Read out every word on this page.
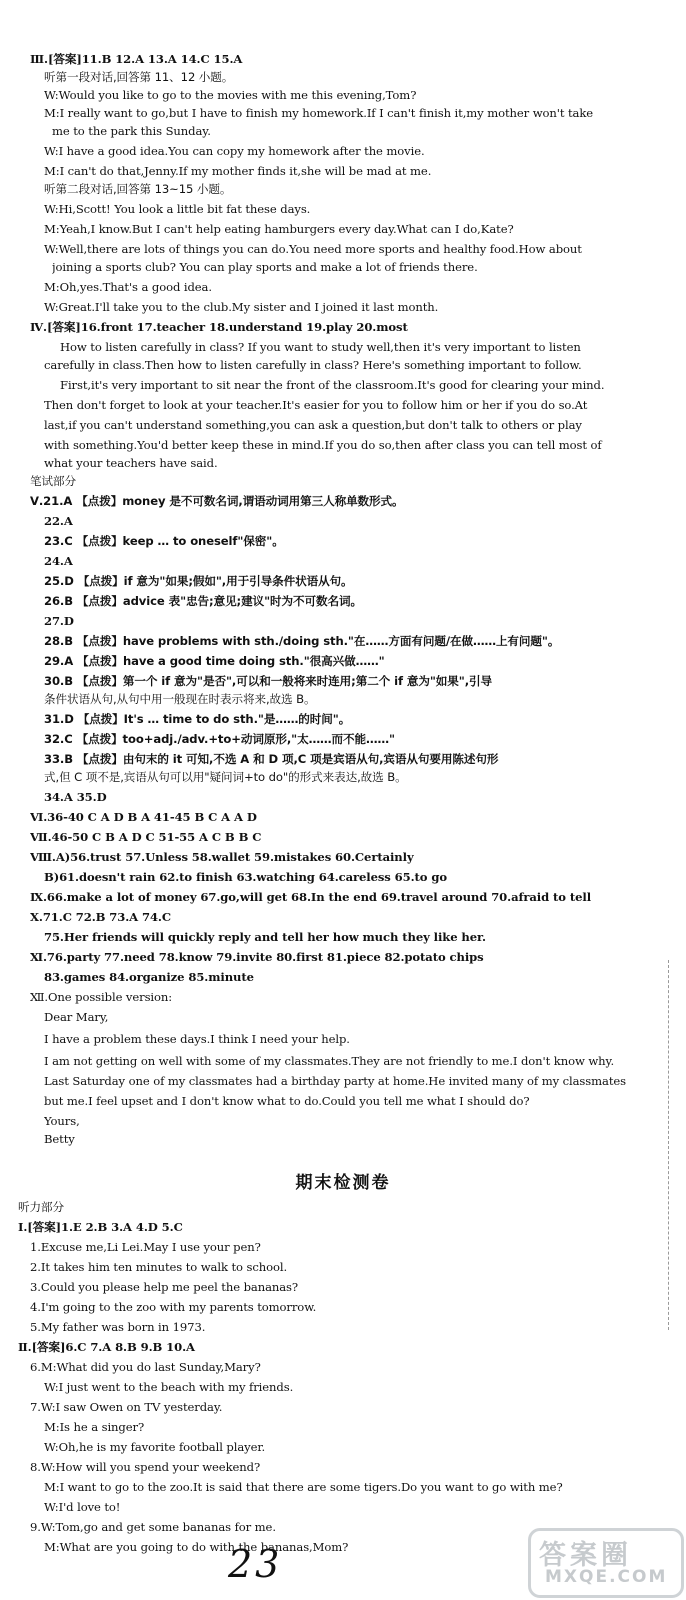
Ⅲ.[答案]11.B 12.A 13.A 14.C 15.A
听第一段对话,回答第 11、12 小题。
W:Would you like to go to the movies with me this evening,Tom?
M:I really want to go,but I have to finish my homework.If I can't finish it,my mother won't take
me to the park this Sunday.
W:I have a good idea.You can copy my homework after the movie.
M:I can't do that,Jenny.If my mother finds it,she will be mad at me.
听第二段对话,回答第 13~15 小题。
W:Hi,Scott! You look a little bit fat these days.
M:Yeah,I know.But I can't help eating hamburgers every day.What can I do,Kate?
W:Well,there are lots of things you can do.You need more sports and healthy food.How about
joining a sports club? You can play sports and make a lot of friends there.
M:Oh,yes.That's a good idea.
W:Great.I'll take you to the club.My sister and I joined it last month.
Ⅳ.[答案]16.front 17.teacher 18.understand 19.play 20.most
How to listen carefully in class? If you want to study well,then it's very important to listen
carefully in class.Then how to listen carefully in class? Here's something important to follow.
First,it's very important to sit near the front of the classroom.It's good for clearing your mind.
Then don't forget to look at your teacher.It's easier for you to follow him or her if you do so.At
last,if you can't understand something,you can ask a question,but don't talk to others or play
with something.You'd better keep these in mind.If you do so,then after class you can tell most of
what your teachers have said.
笔试部分
Ⅴ.21.A 【点拨】money 是不可数名词,谓语动词用第三人称单数形式。
22.A
23.C 【点拨】keep … to oneself"保密"。
24.A
25.D 【点拨】if 意为"如果;假如",用于引导条件状语从句。
26.B 【点拨】advice 表"忠告;意见;建议"时为不可数名词。
27.D
28.B 【点拨】have problems with sth./doing sth."在……方面有问题/在做……上有问题"。
29.A 【点拨】have a good time doing sth."很高兴做……"
30.B 【点拨】第一个 if 意为"是否",可以和一般将来时连用;第二个 if 意为"如果",引导
条件状语从句,从句中用一般现在时表示将来,故选 B。
31.D 【点拨】It's … time to do sth."是……的时间"。
32.C 【点拨】too+adj./adv.+to+动词原形,"太……而不能……"
33.B 【点拨】由句末的 it 可知,不选 A 和 D 项,C 项是宾语从句,宾语从句要用陈述句形
式,但 C 项不是,宾语从句可以用"疑问词+to do"的形式来表达,故选 B。
34.A 35.D
Ⅵ.36-40 C A D B A 41-45 B C A A D
Ⅶ.46-50 C B A D C 51-55 A C B B C
Ⅷ.A)56.trust 57.Unless 58.wallet 59.mistakes 60.Certainly
B)61.doesn't rain 62.to finish 63.watching 64.careless 65.to go
Ⅸ.66.make a lot of money 67.go,will get 68.In the end 69.travel around 70.afraid to tell
Ⅹ.71.C 72.B 73.A 74.C
75.Her friends will quickly reply and tell her how much they like her.
Ⅺ.76.party 77.need 78.know 79.invite 80.first 81.piece 82.potato chips
83.games 84.organize 85.minute
Ⅻ.One possible version:
Dear Mary,
I have a problem these days.I think I need your help.
I am not getting on well with some of my classmates.They are not friendly to me.I don't know why.
Last Saturday one of my classmates had a birthday party at home.He invited many of my classmates
but me.I feel upset and I don't know what to do.Could you tell me what I should do?
Yours,
Betty
期末检测卷
听力部分
Ⅰ.[答案]1.E 2.B 3.A 4.D 5.C
1.Excuse me,Li Lei.May I use your pen?
2.It takes him ten minutes to walk to school.
3.Could you please help me peel the bananas?
4.I'm going to the zoo with my parents tomorrow.
5.My father was born in 1973.
Ⅱ.[答案]6.C 7.A 8.B 9.B 10.A
6.M:What did you do last Sunday,Mary?
W:I just went to the beach with my friends.
7.W:I saw Owen on TV yesterday.
M:Is he a singer?
W:Oh,he is my favorite football player.
8.W:How will you spend your weekend?
M:I want to go to the zoo.It is said that there are some tigers.Do you want to go with me?
W:I'd love to!
9.W:Tom,go and get some bananas for me.
M:What are you going to do with the bananas,Mom?
23	答案圈
MXQE.COM
